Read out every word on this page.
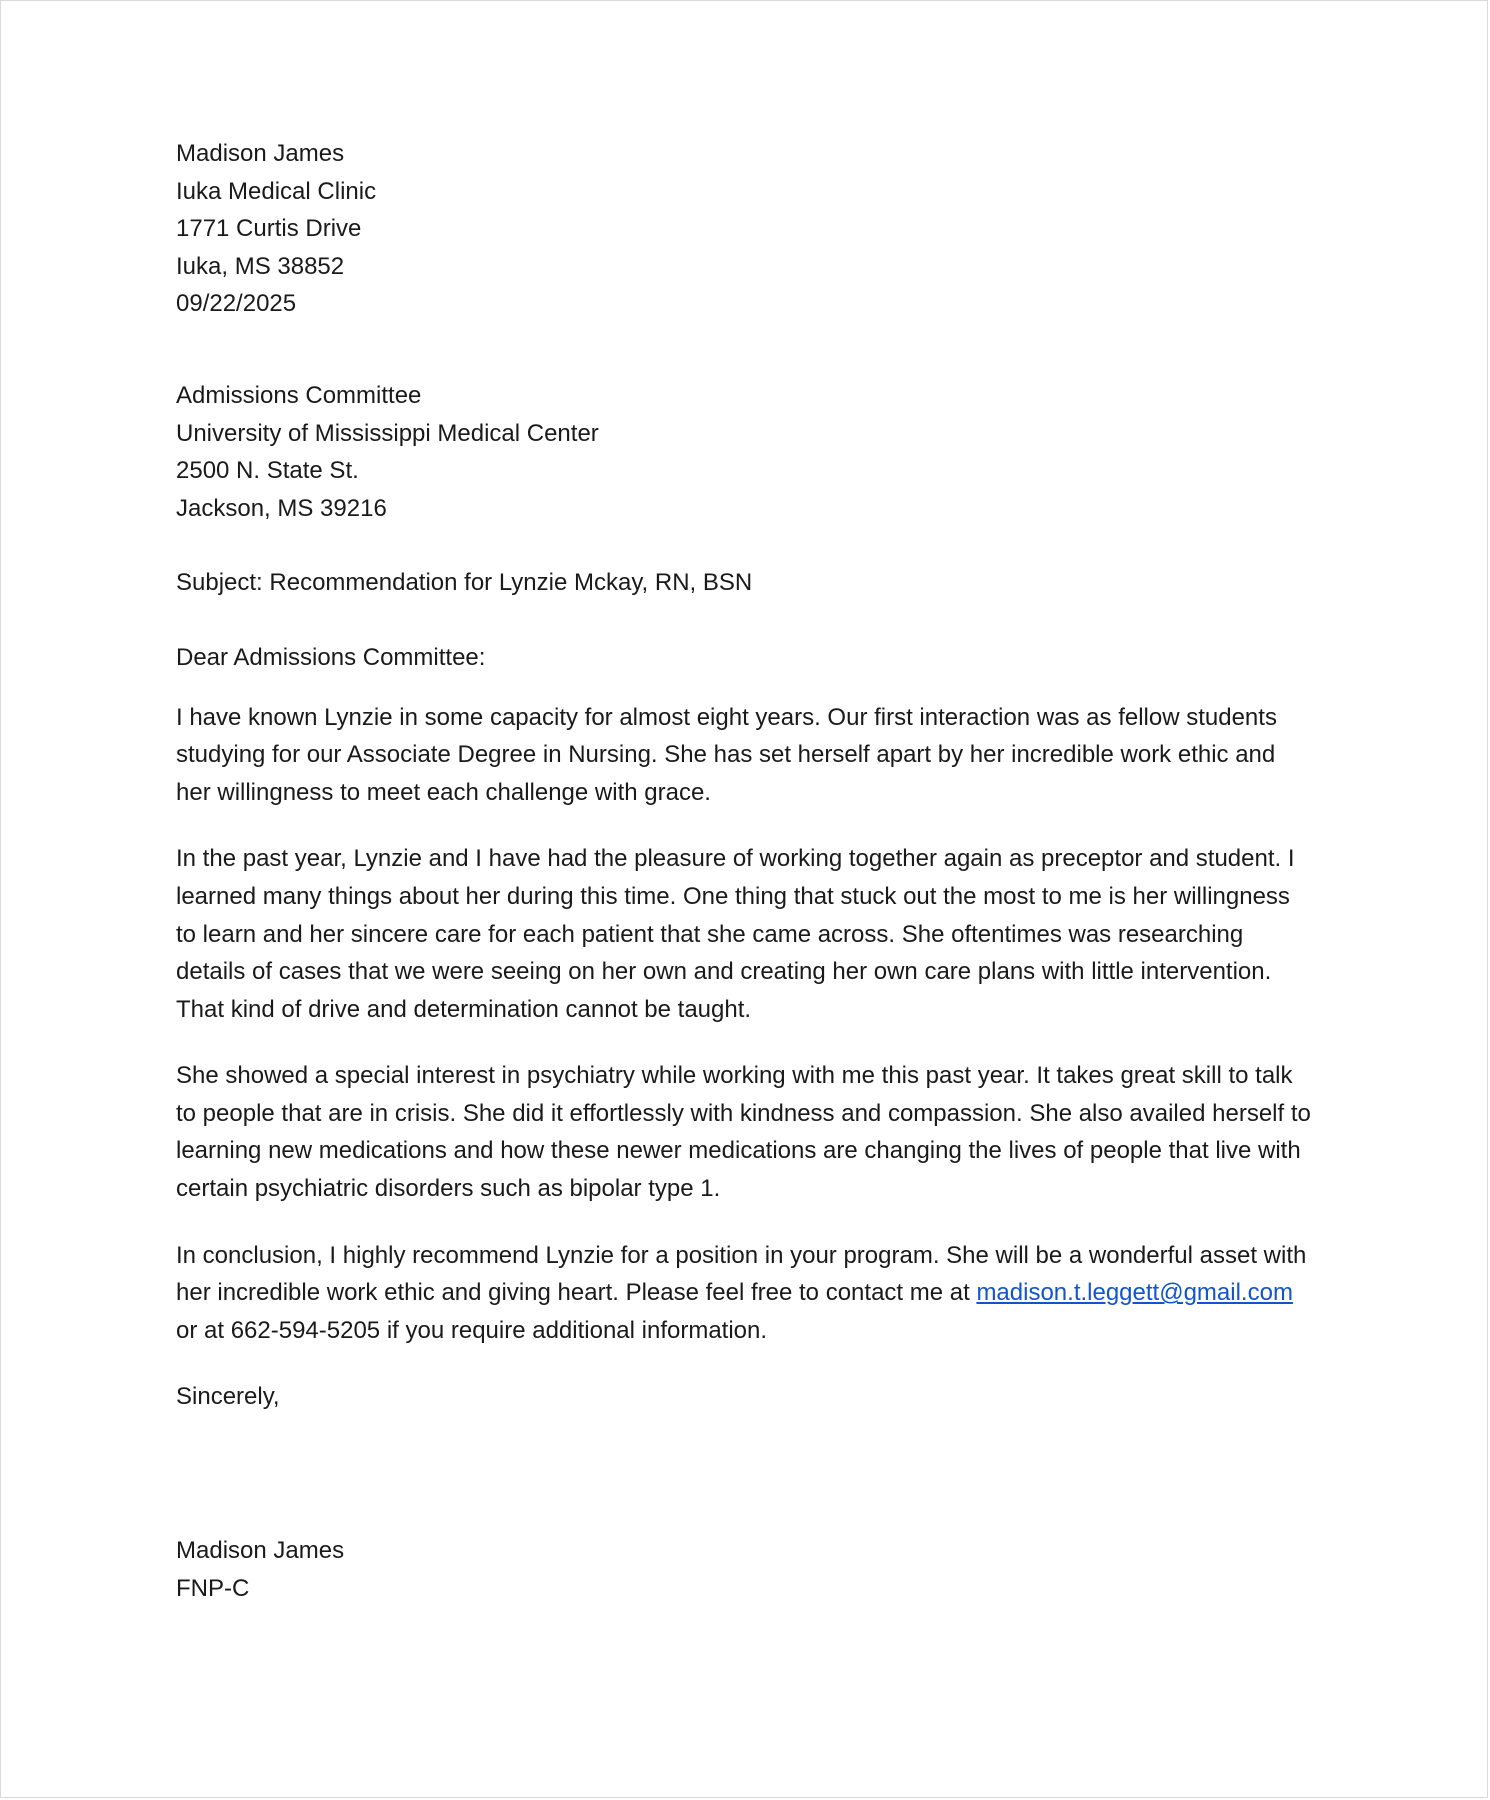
Madison James
Iuka Medical Clinic
1771 Curtis Drive
Iuka, MS 38852
09/22/2025
Admissions Committee
University of Mississippi Medical Center
2500 N. State St.
Jackson, MS 39216

Subject: Recommendation for Lynzie Mckay, RN, BSN

Dear Admissions Committee:

I have known Lynzie in some capacity for almost eight years. Our first interaction was as fellow students studying for our Associate Degree in Nursing. She has set herself apart by her incredible work ethic and her willingness to meet each challenge with grace.

In the past year, Lynzie and I have had the pleasure of working together again as preceptor and student. I learned many things about her during this time. One thing that stuck out the most to me is her willingness to learn and her sincere care for each patient that she came across. She oftentimes was researching details of cases that we were seeing on her own and creating her own care plans with little intervention. That kind of drive and determination cannot be taught.

She showed a special interest in psychiatry while working with me this past year. It takes great skill to talk to people that are in crisis. She did it effortlessly with kindness and compassion. She also availed herself to learning new medications and how these newer medications are changing the lives of people that live with certain psychiatric disorders such as bipolar type 1.

In conclusion, I highly recommend Lynzie for a position in your program. She will be a wonderful asset with her incredible work ethic and giving heart. Please feel free to contact me at madison.t.leggett@gmail.com or at 662-594-5205 if you require additional information.

Sincerely,

Madison James
FNP-C
